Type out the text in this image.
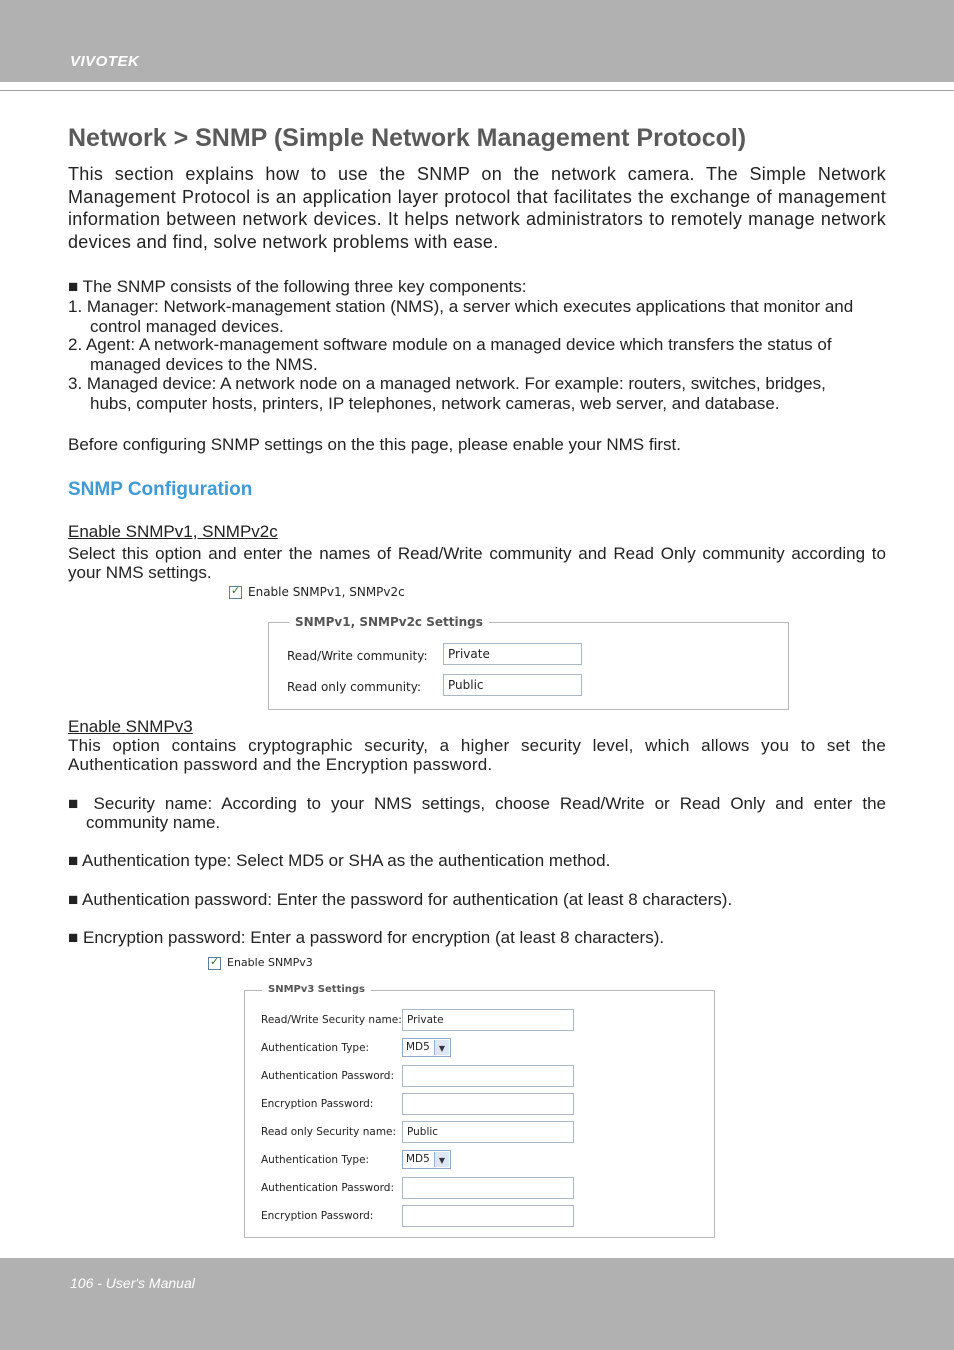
VIVOTEK
Network > SNMP (Simple Network Management Protocol)
This section explains how to use the SNMP on the network camera. The Simple Network Management Protocol is an application layer protocol that facilitates the exchange of management information between network devices. It helps network administrators to remotely manage network devices and find, solve network problems with ease.
■ The SNMP consists of the following three key components:
1. Manager: Network-management station (NMS), a server which executes applications that monitor and
control managed devices.
2. Agent: A network-management software module on a managed device which transfers the status of
managed devices to the NMS.
3. Managed device: A network node on a managed network. For example: routers, switches, bridges,
hubs, computer hosts, printers, IP telephones, network cameras, web server, and database.
Before configuring SNMP settings on the this page, please enable your NMS first.
SNMP Configuration
Enable SNMPv1, SNMPv2c
Select this option and enter the names of Read/Write community and Read Only community according to your NMS settings.
✓Enable SNMPv1, SNMPv2c
SNMPv1, SNMPv2c Settings
Read/Write community:	Private
Read only community:	Public
Enable SNMPv3
This option contains cryptographic security, a higher security level, which allows you to set the Authentication password and the Encryption password.
■ Security name: According to your NMS settings, choose Read/Write or Read Only and enter the community name.
■ Authentication type: Select MD5 or SHA as the authentication method.
■ Authentication password: Enter the password for authentication (at least 8 characters).
■ Encryption password: Enter a password for encryption (at least 8 characters).
✓Enable SNMPv3
SNMPv3 Settings
Read/Write Security name: Private
Authentication Type:	MD5	▼
Authentication Password:
Encryption Password:
Read only Security name:	Public
Authentication Type:	MD5	▼
Authentication Password:
Encryption Password:
106 - User's Manual
